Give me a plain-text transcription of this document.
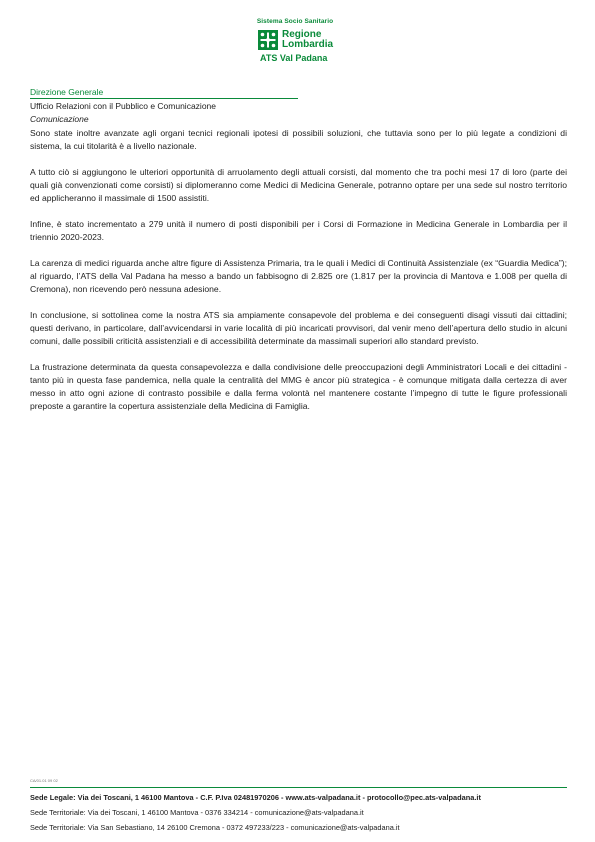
Sistema Socio Sanitario
Regione
Lombardia
ATS Val Padana
Direzione Generale
Ufficio Relazioni con il Pubblico e Comunicazione
Comunicazione

Sono state inoltre avanzate agli organi tecnici regionali ipotesi di possibili soluzioni, che tuttavia sono per lo più legate a condizioni di sistema, la cui titolarità è a livello nazionale.

A tutto ciò si aggiungono le ulteriori opportunità di arruolamento degli attuali corsisti, dal momento che tra pochi mesi 17 di loro (parte dei quali già convenzionati come corsisti) si diplomeranno come Medici di Medicina Generale, potranno optare per una sede sul nostro territorio ed applicheranno il massimale di 1500 assistiti.

Infine, è stato incrementato a 279 unità il numero di posti disponibili per i Corsi di Formazione in Medicina Generale in Lombardia per il triennio 2020-2023.

La carenza di medici riguarda anche altre figure di Assistenza Primaria, tra le quali i Medici di Continuità Assistenziale (ex “Guardia Medica”); al riguardo, l’ATS della Val Padana ha messo a bando un fabbisogno di 2.825 ore (1.817 per la provincia di Mantova e 1.008 per quella di Cremona), non ricevendo però nessuna adesione.

In conclusione, si sottolinea come la nostra ATS sia ampiamente consapevole del problema e dei conseguenti disagi vissuti dai cittadini; questi derivano, in particolare, dall’avvicendarsi in varie località di più incaricati provvisori, dal venir meno dell’apertura dello studio in alcuni comuni, dalle possibili criticità assistenziali e di accessibilità determinate da massimali superiori allo standard previsto.

La frustrazione determinata da questa consapevolezza e dalla condivisione delle preoccupazioni degli Amministratori Locali e dei cittadini - tanto più in questa fase pandemica, nella quale la centralità del MMG è ancor più strategica - è comunque mitigata dalla certezza di aver messo in atto ogni azione di contrasto possibile e dalla ferma volontà nel mantenere costante l’impegno di tutte le figure professionali preposte a garantire la copertura assistenziale della Medicina di Famiglia.

CA/01.01 09 02
Sede Legale: Via dei Toscani, 1 46100 Mantova - C.F. P.Iva 02481970206 - www.ats-valpadana.it - protocollo@pec.ats-valpadana.it
Sede Territoriale: Via dei Toscani, 1 46100 Mantova - 0376 334214 - comunicazione@ats-valpadana.it
Sede Territoriale: Via San Sebastiano, 14 26100 Cremona - 0372 497233/223 - comunicazione@ats-valpadana.it
